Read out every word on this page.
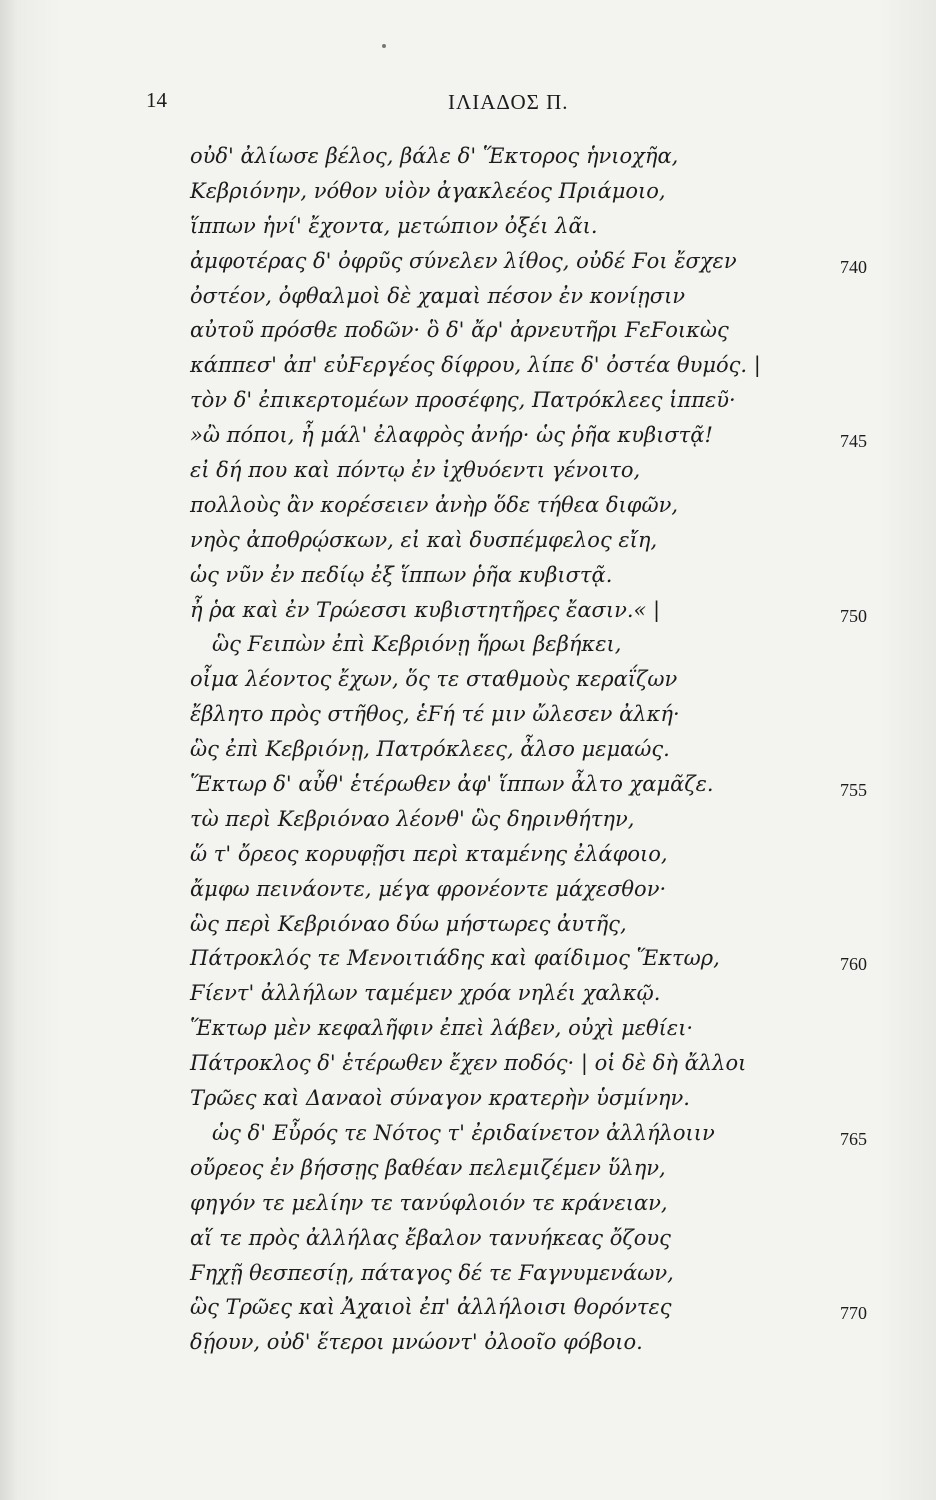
14	ΙΛΙΑΔΟΣ Π.
οὐδ' ἀλίωσε βέλος, βάλε δ' Ἕκτορος ἡνιοχῆα,
Κεβριόνην, νόθον υἱὸν ἀγακλεέος Πριάμοιο,
ἵππων ἡνί' ἔχοντα, μετώπιον ὀξέι λᾶι.
ἀμφοτέρας δ' ὀφρῦς σύνελεν λίθος, οὐδέ Ϝοι ἔσχεν	740
ὀστέον, ὀφθαλμοὶ δὲ χαμαὶ πέσον ἐν κονίῃσιν
αὐτοῦ πρόσθε ποδῶν· ὃ δ' ἄρ' ἀρνευτῆρι ϜεϜοικὼς
κάππεσ' ἀπ' εὐϜεργέος δίφρου, λίπε δ' ὀστέα θυμός. |
τὸν δ' ἐπικερτομέων προσέφης, Πατρόκλεες ἱππεῦ·
»ὢ πόποι, ἦ μάλ' ἐλαφρὸς ἀνήρ· ὡς ῥῆα κυβιστᾷ!	745
εἰ δή που καὶ πόντῳ ἐν ἰχθυόεντι γένοιτο,
πολλοὺς ἂν κορέσειεν ἀνὴρ ὅδε τήθεα διφῶν,
νηὸς ἀποθρῴσκων, εἰ καὶ δυσπέμφελος εἴη,
ὡς νῦν ἐν πεδίῳ ἐξ ἵππων ῥῆα κυβιστᾷ.
ἦ ῥα καὶ ἐν Τρώεσσι κυβιστητῆρες ἔασιν.« |	750
ὣς Ϝειπὼν ἐπὶ Κεβριόνῃ ἥρωι βεβήκει,
οἶμα λέοντος ἔχων, ὅς τε σταθμοὺς κεραΐζων
ἔβλητο πρὸς στῆθος, ἑϜή τέ μιν ὤλεσεν ἀλκή·
ὣς ἐπὶ Κεβριόνῃ, Πατρόκλεες, ἆλσο μεμαώς.
Ἕκτωρ δ' αὖθ' ἑτέρωθεν ἀφ' ἵππων ἆλτο χαμᾶζε.	755
τὼ περὶ Κεβριόναο λέονθ' ὣς δηρινθήτην,
ὥ τ' ὄρεος κορυφῇσι περὶ κταμένης ἐλάφοιο,
ἄμφω πεινάοντε, μέγα φρονέοντε μάχεσθον·
ὣς περὶ Κεβριόναο δύω μήστωρες ἀυτῆς,
Πάτροκλός τε Μενοιτιάδης καὶ φαίδιμος Ἕκτωρ,	760
Ϝίεντ' ἀλλήλων ταμέμεν χρόα νηλέι χαλκῷ.
Ἕκτωρ μὲν κεφαλῆφιν ἐπεὶ λάβεν, οὐχὶ μεθίει·
Πάτροκλος δ' ἑτέρωθεν ἔχεν ποδός· | οἱ δὲ δὴ ἄλλοι
Τρῶες καὶ Δαναοὶ σύναγον κρατερὴν ὑσμίνην.
ὡς δ' Εὖρός τε Νότος τ' ἐριδαίνετον ἀλλήλοιιν	765
οὔρεος ἐν βήσσῃς βαθέαν πελεμιζέμεν ὕλην,
φηγόν τε μελίην τε τανύφλοιόν τε κράνειαν,
αἵ τε πρὸς ἀλλήλας ἔβαλον τανυήκεας ὄζους
Ϝηχῇ θεσπεσίῃ, πάταγος δέ τε Ϝαγνυμενάων,
ὣς Τρῶες καὶ Ἀχαιοὶ ἐπ' ἀλλήλοισι θορόντες	770
δῄουν, οὐδ' ἕτεροι μνώοντ' ὀλοοῖο φόβοιο.
